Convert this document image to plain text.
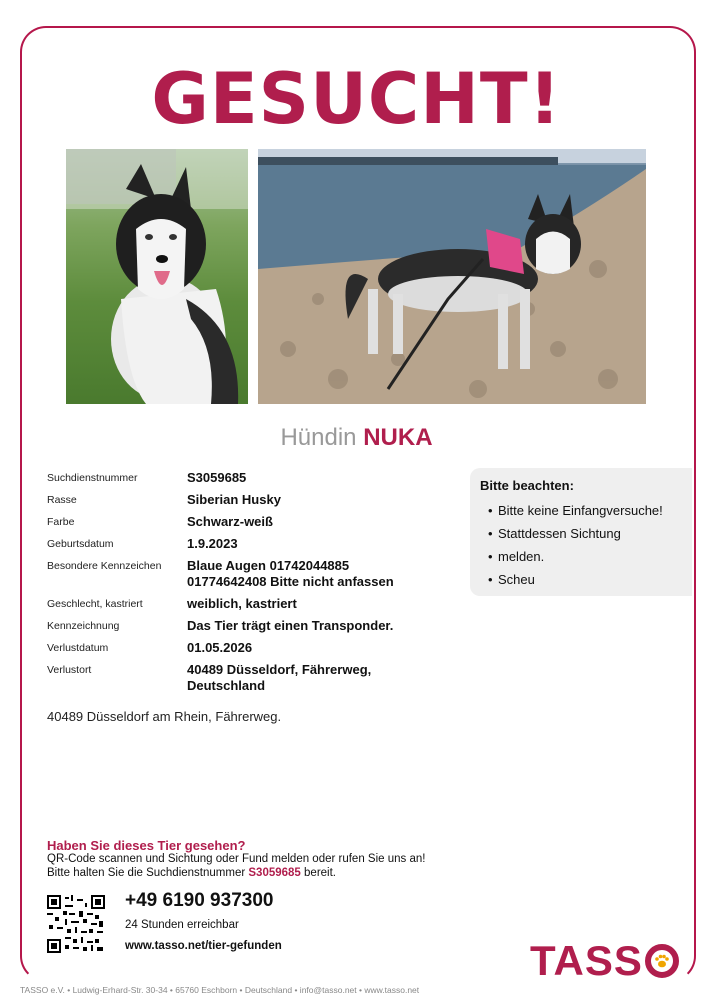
GESUCHT!
Hündin NUKA
Suchdienstnummer	S3059685
Rasse	Siberian Husky
Farbe	Schwarz-weiß
Geburtsdatum	1.9.2023
Besondere Kennzeichen	Blaue Augen 01742044885
01774642408 Bitte nicht anfassen
Geschlecht, kastriert	weiblich, kastriert
Kennzeichnung	Das Tier trägt einen Transponder.
Verlustdatum	01.05.2026
Verlustort	40489 Düsseldorf, Fährerweg,
Deutschland
Bitte beachten:
• Bitte keine Einfangversuche!
• Stattdessen Sichtung
• melden.
• Scheu
40489 Düsseldorf am Rhein, Fährerweg.
Haben Sie dieses Tier gesehen?
QR-Code scannen und Sichtung oder Fund melden oder rufen Sie uns an!
Bitte halten Sie die Suchdienstnummer S3059685 bereit.
+49 6190 937300
24 Stunden erreichbar
www.tasso.net/tier-gefunden	TASS
TASSO e.V. • Ludwig-Erhard-Str. 30-34 • 65760 Eschborn • Deutschland • info@tasso.net • www.tasso.net
